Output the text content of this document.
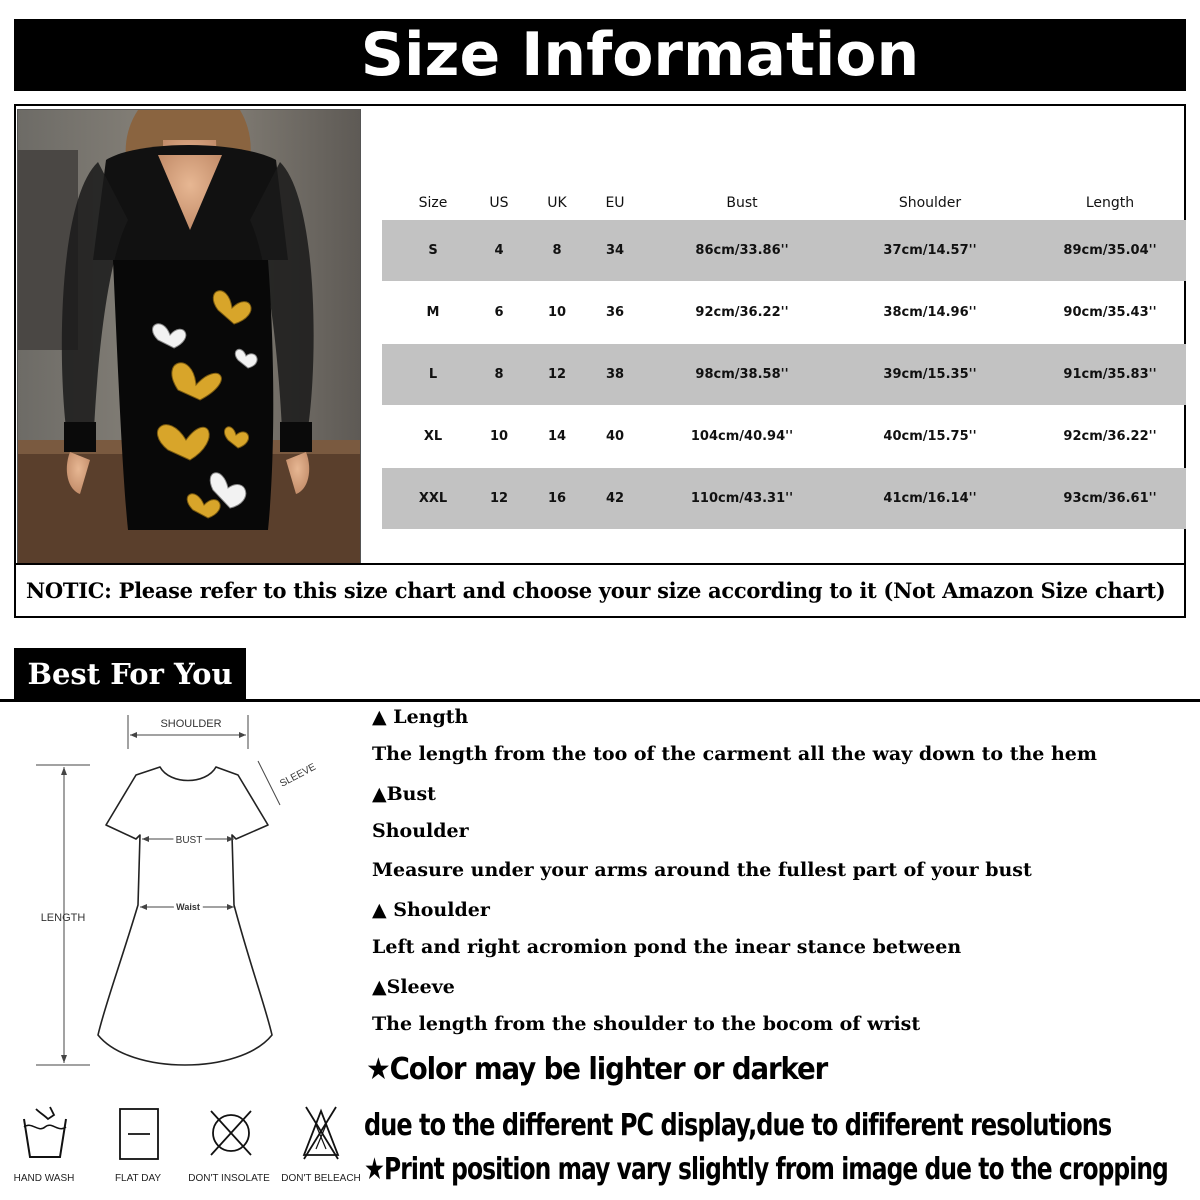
Size Information
Size	US	UK	EU	Bust	Shoulder	Length
S	4	8	34	86cm/33.86''	37cm/14.57''	89cm/35.04''
M	6	10	36	92cm/36.22''	38cm/14.96''	90cm/35.43''
L	8	12	38	98cm/38.58''	39cm/15.35''	91cm/35.83''
XL	10	14	40	104cm/40.94''	40cm/15.75''	92cm/36.22''
XXL	12	16	42	110cm/43.31''	41cm/16.14''	93cm/36.61''
NOTIC: Please refer to this size chart and choose your size according to it (Not Amazon Size chart)
Best For You
SHOULDER
SLEEVE
LENGTH
BUST
Waist
▲ Length
The length from the too of the carment all the way down to the hem
▲Bust
Shoulder
Measure under your arms around the fullest part of your bust
▲ Shoulder
Left and right acromion pond the inear stance between
▲Sleeve
The length from the shoulder to the bocom of wrist
★Color may be lighter or darker
due to the different PC display,due to dififerent resolutions
★Print position may vary slightly from image due to the cropping
HAND WASH	FLAT DAY	DON'T INSOLATE DON'T BELEACH
